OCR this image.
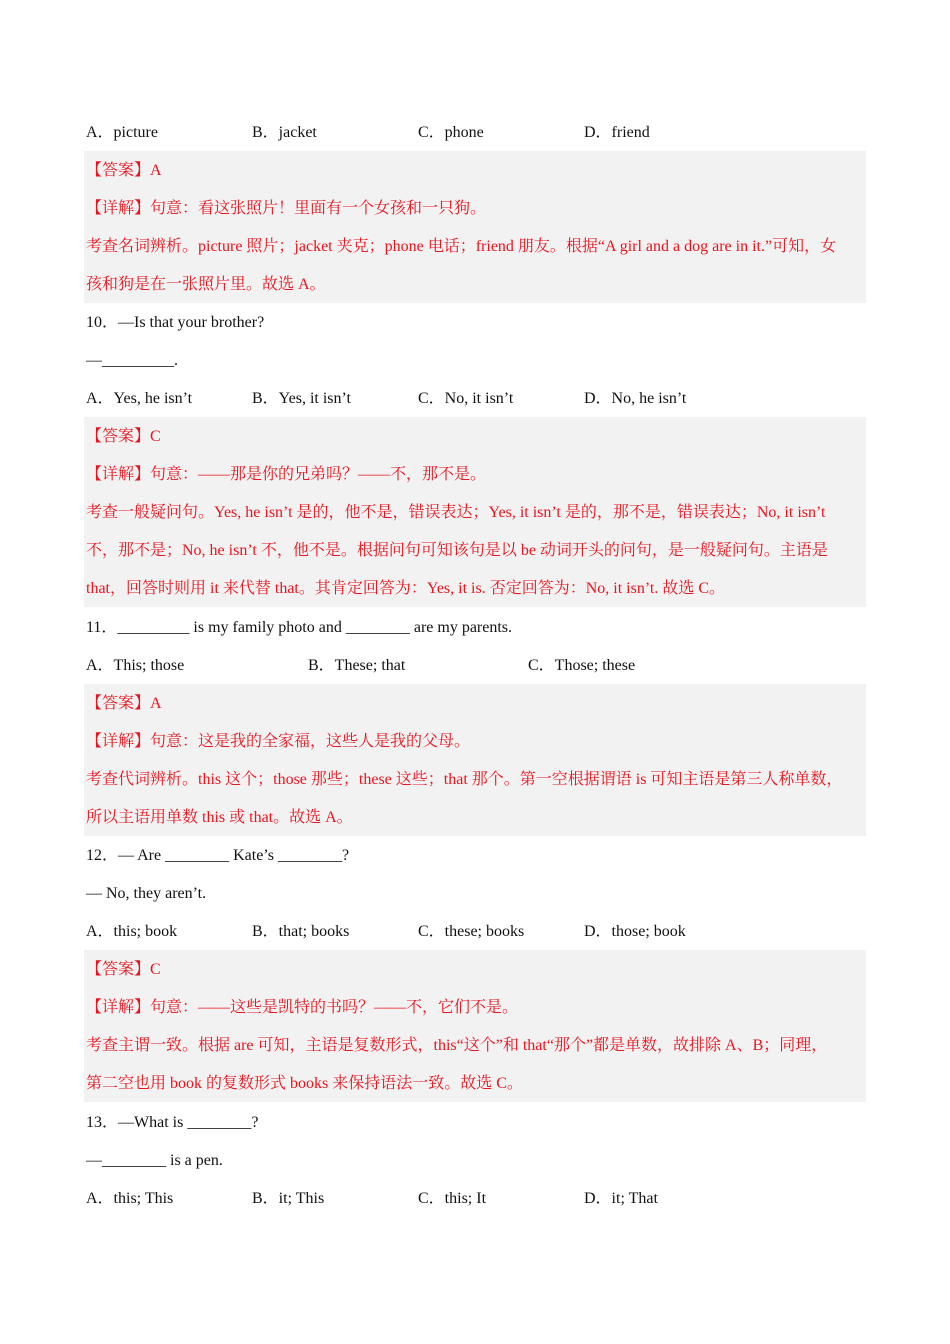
A．picture	B．jacket	C．phone	D．friend
【答案】A
【详解】句意：看这张照片！里面有一个女孩和一只狗。
考查名词辨析。picture 照片；jacket 夹克；phone 电话；friend 朋友。根据“A girl and a dog are in it.”可知，女
孩和狗是在一张照片里。故选 A。
10．—Is that your brother?
—_________.
A．Yes, he isn’t	B．Yes, it isn’t	C．No, it isn’t	D．No, he isn’t
【答案】C
【详解】句意：——那是你的兄弟吗？——不，那不是。
考查一般疑问句。Yes, he isn’t 是的，他不是，错误表达；Yes, it isn’t 是的，那不是，错误表达；No, it isn’t
不，那不是；No, he isn’t 不，他不是。根据问句可知该句是以 be 动词开头的问句，是一般疑问句。主语是
that，回答时则用 it 来代替 that。其肯定回答为：Yes, it is. 否定回答为：No, it isn’t. 故选 C。
11．_________ is my family photo and ________ are my parents.
A．This; those	B．These; that	C．Those; these
【答案】A
【详解】句意：这是我的全家福，这些人是我的父母。
考查代词辨析。this 这个；those 那些；these 这些；that 那个。第一空根据谓语 is 可知主语是第三人称单数，
所以主语用单数 this 或 that。故选 A。
12．— Are ________ Kate’s ________?
— No, they aren’t.
A．this; book	B．that; books	C．these; books	D．those; book
【答案】C
【详解】句意：——这些是凯特的书吗？——不，它们不是。
考查主谓一致。根据 are 可知，主语是复数形式，this“这个”和 that“那个”都是单数，故排除 A、B；同理，
第二空也用 book 的复数形式 books 来保持语法一致。故选 C。
13．—What is ________?
—________ is a pen.
A．this; This	B．it; This	C．this; It	D．it; That
